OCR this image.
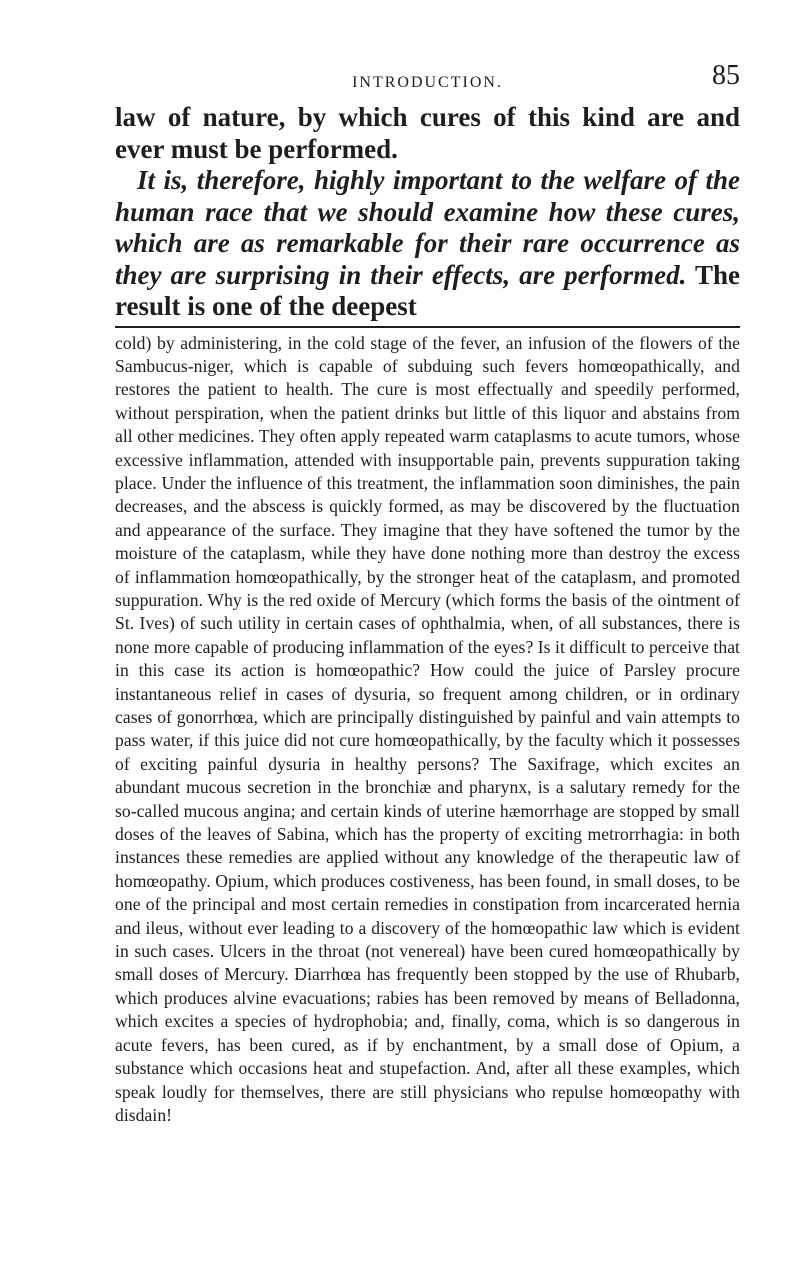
INTRODUCTION.	85

law of nature, by which cures of this kind are and ever must be performed.

It is, therefore, highly important to the welfare of the human race that we should examine how these cures, which are as remarkable for their rare occurrence as they are surprising in their effects, are performed. The result is one of the deepest

cold) by administering, in the cold stage of the fever, an infusion of the flowers of the Sambucus-niger, which is capable of subduing such fevers homœopathically, and restores the patient to health. The cure is most effectually and speedily performed, without perspiration, when the patient drinks but little of this liquor and abstains from all other medicines. They often apply repeated warm cataplasms to acute tumors, whose excessive inflammation, attended with insupportable pain, prevents suppuration taking place. Under the influence of this treatment, the inflammation soon diminishes, the pain decreases, and the abscess is quickly formed, as may be discovered by the fluctuation and appearance of the surface. They imagine that they have softened the tumor by the moisture of the cataplasm, while they have done nothing more than destroy the excess of inflammation homœopathically, by the stronger heat of the cataplasm, and promoted suppuration. Why is the red oxide of Mercury (which forms the basis of the ointment of St. Ives) of such utility in certain cases of ophthalmia, when, of all substances, there is none more capable of producing inflammation of the eyes? Is it difficult to perceive that in this case its action is homœopathic? How could the juice of Parsley procure instantaneous relief in cases of dysuria, so frequent among children, or in ordinary cases of gonorrhœa, which are principally distinguished by painful and vain attempts to pass water, if this juice did not cure homœopathically, by the faculty which it possesses of exciting painful dysuria in healthy persons? The Saxifrage, which excites an abundant mucous secretion in the bronchiæ and pharynx, is a salutary remedy for the so-called mucous angina; and certain kinds of uterine hæmorrhage are stopped by small doses of the leaves of Sabina, which has the property of exciting metrorrhagia: in both instances these remedies are applied without any knowledge of the therapeutic law of homœopathy. Opium, which produces costiveness, has been found, in small doses, to be one of the principal and most certain remedies in constipation from incarcerated hernia and ileus, without ever leading to a discovery of the homœopathic law which is evident in such cases. Ulcers in the throat (not venereal) have been cured homœopathically by small doses of Mercury. Diarrhœa has frequently been stopped by the use of Rhubarb, which produces alvine evacuations; rabies has been removed by means of Belladonna, which excites a species of hydrophobia; and, finally, coma, which is so dangerous in acute fevers, has been cured, as if by enchantment, by a small dose of Opium, a substance which occasions heat and stupefaction. And, after all these examples, which speak loudly for themselves, there are still physicians who repulse homœopathy with disdain!
